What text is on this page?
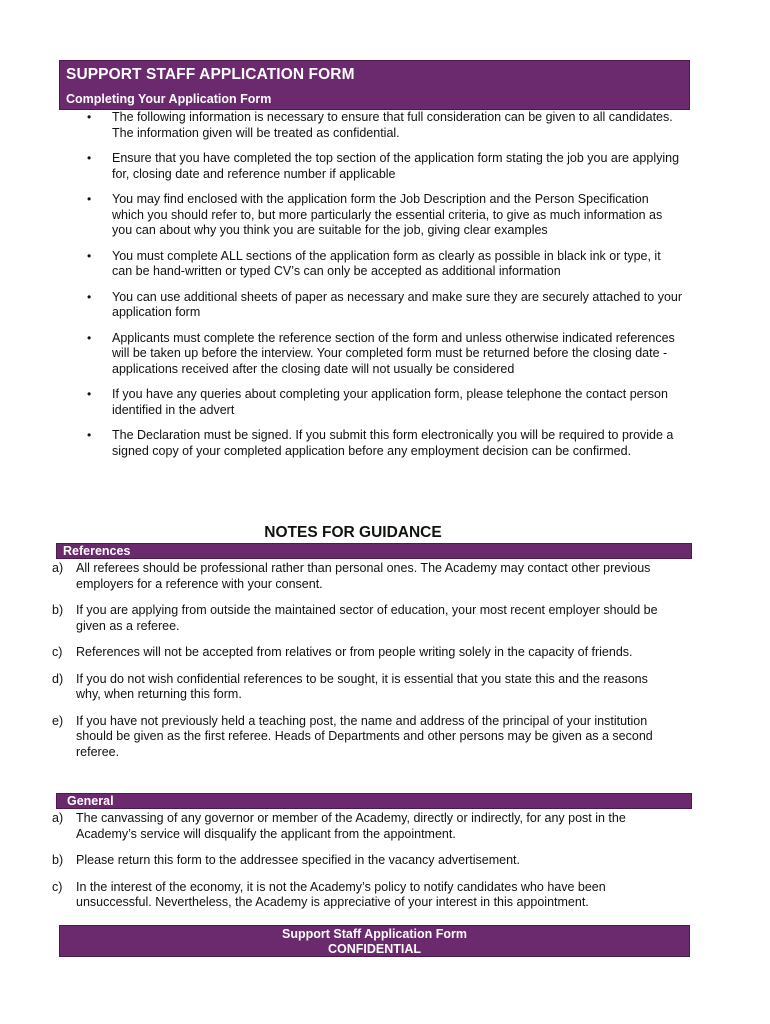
SUPPORT STAFF APPLICATION FORM
Completing Your Application Form
• The following information is necessary to ensure that full consideration can be given to all candidates. The information given will be treated as confidential.
• Ensure that you have completed the top section of the application form stating the job you are applying for, closing date and reference number if applicable
• You may find enclosed with the application form the Job Description and the Person Specification which you should refer to, but more particularly the essential criteria, to give as much information as you can about why you think you are suitable for the job, giving clear examples
• You must complete ALL sections of the application form as clearly as possible in black ink or type, it can be hand-written or typed CV’s can only be accepted as additional information
• You can use additional sheets of paper as necessary and make sure they are securely attached to your application form
• Applicants must complete the reference section of the form and unless otherwise indicated references will be taken up before the interview. Your completed form must be returned before the closing date - applications received after the closing date will not usually be considered
• If you have any queries about completing your application form, please telephone the contact person identified in the advert
• The Declaration must be signed. If you submit this form electronically you will be required to provide a signed copy of your completed application before any employment decision can be confirmed.
NOTES FOR GUIDANCE
References
a) All referees should be professional rather than personal ones. The Academy may contact other previous employers for a reference with your consent.
b) If you are applying from outside the maintained sector of education, your most recent employer should be given as a referee.
c) References will not be accepted from relatives or from people writing solely in the capacity of friends.
d) If you do not wish confidential references to be sought, it is essential that you state this and the reasons why, when returning this form.
e) If you have not previously held a teaching post, the name and address of the principal of your institution should be given as the first referee. Heads of Departments and other persons may be given as a second referee.
General
a) The canvassing of any governor or member of the Academy, directly or indirectly, for any post in the Academy’s service will disqualify the applicant from the appointment.
b) Please return this form to the addressee specified in the vacancy advertisement.
c) In the interest of the economy, it is not the Academy’s policy to notify candidates who have been unsuccessful. Nevertheless, the Academy is appreciative of your interest in this appointment.
Support Staff Application Form
CONFIDENTIAL
